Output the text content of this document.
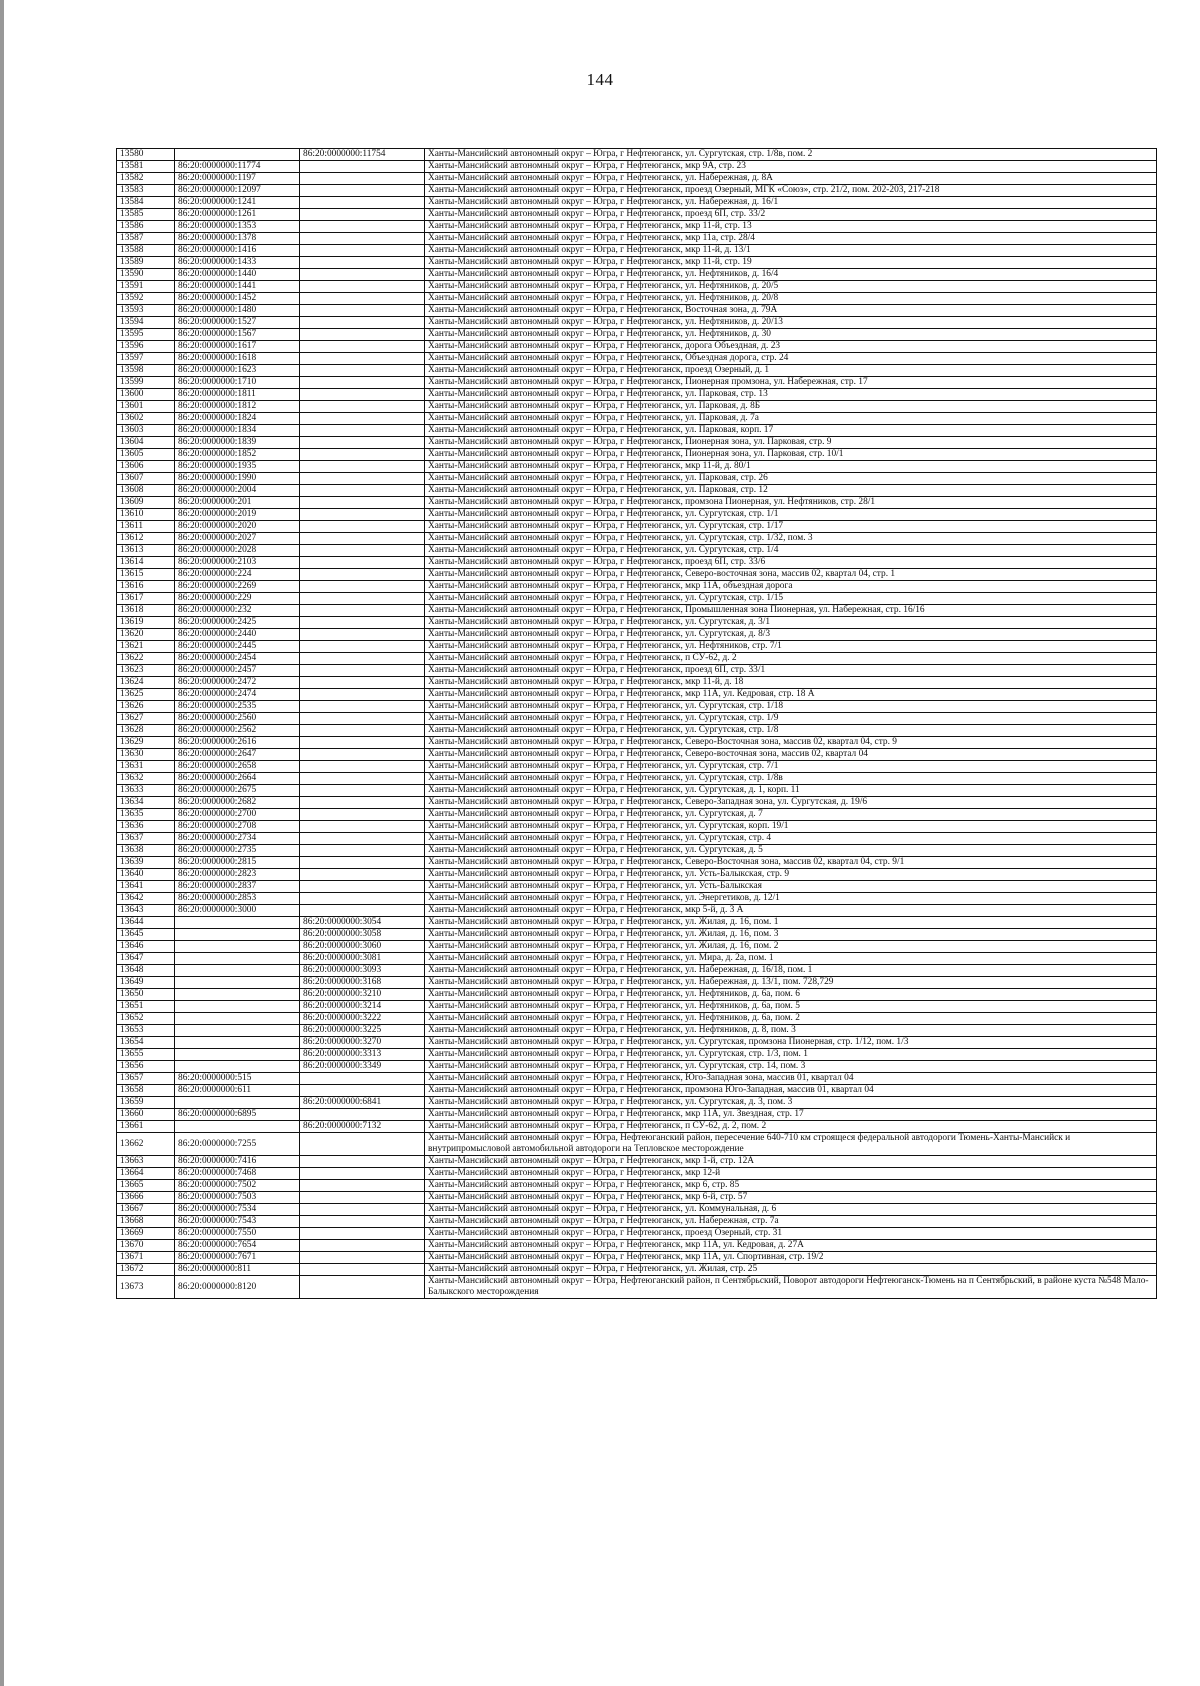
144
13580		86:20:0000000:11754	Ханты-Мансийский автономный округ – Югра, г Нефтеюганск, ул. Сургутская, стр. 1/8в, пом. 2
13581	86:20:0000000:11774		Ханты-Мансийский автономный округ – Югра, г Нефтеюганск, мкр 9А, стр. 23
13582	86:20:0000000:1197		Ханты-Мансийский автономный округ – Югра, г Нефтеюганск, ул. Набережная, д. 8А
13583	86:20:0000000:12097		Ханты-Мансийский автономный округ – Югра, г Нефтеюганск, проезд Озерный, МГК «Союз», стр. 21/2, пом. 202-203, 217-218
13584	86:20:0000000:1241		Ханты-Мансийский автономный округ – Югра, г Нефтеюганск, ул. Набережная, д. 16/1
13585	86:20:0000000:1261		Ханты-Мансийский автономный округ – Югра, г Нефтеюганск, проезд 6П, стр. 33/2
13586	86:20:0000000:1353		Ханты-Мансийский автономный округ – Югра, г Нефтеюганск, мкр 11-й, стр. 13
13587	86:20:0000000:1378		Ханты-Мансийский автономный округ – Югра, г Нефтеюганск, мкр 11а, стр. 28/4
13588	86:20:0000000:1416		Ханты-Мансийский автономный округ – Югра, г Нефтеюганск, мкр 11-й, д. 13/1
13589	86:20:0000000:1433		Ханты-Мансийский автономный округ – Югра, г Нефтеюганск, мкр 11-й, стр. 19
13590	86:20:0000000:1440		Ханты-Мансийский автономный округ – Югра, г Нефтеюганск, ул. Нефтяников, д. 16/4
13591	86:20:0000000:1441		Ханты-Мансийский автономный округ – Югра, г Нефтеюганск, ул. Нефтяников, д. 20/5
13592	86:20:0000000:1452		Ханты-Мансийский автономный округ – Югра, г Нефтеюганск, ул. Нефтяников, д. 20/8
13593	86:20:0000000:1480		Ханты-Мансийский автономный округ – Югра, г Нефтеюганск, Восточная зона, д. 79А
13594	86:20:0000000:1527		Ханты-Мансийский автономный округ – Югра, г Нефтеюганск, ул. Нефтяников, д. 20/13
13595	86:20:0000000:1567		Ханты-Мансийский автономный округ – Югра, г Нефтеюганск, ул. Нефтяников, д. 30
13596	86:20:0000000:1617		Ханты-Мансийский автономный округ – Югра, г Нефтеюганск, дорога Объездная, д. 23
13597	86:20:0000000:1618		Ханты-Мансийский автономный округ – Югра, г Нефтеюганск, Объездная дорога, стр. 24
13598	86:20:0000000:1623		Ханты-Мансийский автономный округ – Югра, г Нефтеюганск, проезд Озерный, д. 1
13599	86:20:0000000:1710		Ханты-Мансийский автономный округ – Югра, г Нефтеюганск, Пионерная промзона, ул. Набережная, стр. 17
13600	86:20:0000000:1811		Ханты-Мансийский автономный округ – Югра, г Нефтеюганск, ул. Парковая, стр. 13
13601	86:20:0000000:1812		Ханты-Мансийский автономный округ – Югра, г Нефтеюганск, ул. Парковая, д. 8Б
13602	86:20:0000000:1824		Ханты-Мансийский автономный округ – Югра, г Нефтеюганск, ул. Парковая, д. 7а
13603	86:20:0000000:1834		Ханты-Мансийский автономный округ – Югра, г Нефтеюганск, ул. Парковая, корп. 17
13604	86:20:0000000:1839		Ханты-Мансийский автономный округ – Югра, г Нефтеюганск, Пионерная зона, ул. Парковая, стр. 9
13605	86:20:0000000:1852		Ханты-Мансийский автономный округ – Югра, г Нефтеюганск, Пионерная зона, ул. Парковая, стр. 10/1
13606	86:20:0000000:1935		Ханты-Мансийский автономный округ – Югра, г Нефтеюганск, мкр 11-й, д. 80/1
13607	86:20:0000000:1990		Ханты-Мансийский автономный округ – Югра, г Нефтеюганск, ул. Парковая, стр. 26
13608	86:20:0000000:2004		Ханты-Мансийский автономный округ – Югра, г Нефтеюганск, ул. Парковая, стр. 12
13609	86:20:0000000:201		Ханты-Мансийский автономный округ – Югра, г Нефтеюганск, промзона Пионерная, ул. Нефтяников, стр. 28/1
13610	86:20:0000000:2019		Ханты-Мансийский автономный округ – Югра, г Нефтеюганск, ул. Сургутская, стр. 1/1
13611	86:20:0000000:2020		Ханты-Мансийский автономный округ – Югра, г Нефтеюганск, ул. Сургутская, стр. 1/17
13612	86:20:0000000:2027		Ханты-Мансийский автономный округ – Югра, г Нефтеюганск, ул. Сургутская, стр. 1/32, пом. 3
13613	86:20:0000000:2028		Ханты-Мансийский автономный округ – Югра, г Нефтеюганск, ул. Сургутская, стр. 1/4
13614	86:20:0000000:2103		Ханты-Мансийский автономный округ – Югра, г Нефтеюганск, проезд 6П, стр. 33/6
13615	86:20:0000000:224		Ханты-Мансийский автономный округ – Югра, г Нефтеюганск, Северо-восточная зона, массив 02, квартал 04, стр. 1
13616	86:20:0000000:2269		Ханты-Мансийский автономный округ – Югра, г Нефтеюганск, мкр 11А, объездная дорога
13617	86:20:0000000:229		Ханты-Мансийский автономный округ – Югра, г Нефтеюганск, ул. Сургутская, стр. 1/15
13618	86:20:0000000:232		Ханты-Мансийский автономный округ – Югра, г Нефтеюганск, Промышленная зона Пионерная, ул. Набережная, стр. 16/16
13619	86:20:0000000:2425		Ханты-Мансийский автономный округ – Югра, г Нефтеюганск, ул. Сургутская, д. 3/1
13620	86:20:0000000:2440		Ханты-Мансийский автономный округ – Югра, г Нефтеюганск, ул. Сургутская, д. 8/3
13621	86:20:0000000:2445		Ханты-Мансийский автономный округ – Югра, г Нефтеюганск, ул. Нефтяников, стр. 7/1
13622	86:20:0000000:2454		Ханты-Мансийский автономный округ – Югра, г Нефтеюганск, п СУ-62, д. 2
13623	86:20:0000000:2457		Ханты-Мансийский автономный округ – Югра, г Нефтеюганск, проезд 6П, стр. 33/1
13624	86:20:0000000:2472		Ханты-Мансийский автономный округ – Югра, г Нефтеюганск, мкр 11-й, д. 18
13625	86:20:0000000:2474		Ханты-Мансийский автономный округ – Югра, г Нефтеюганск, мкр 11А, ул. Кедровая, стр. 18 А
13626	86:20:0000000:2535		Ханты-Мансийский автономный округ – Югра, г Нефтеюганск, ул. Сургутская, стр. 1/18
13627	86:20:0000000:2560		Ханты-Мансийский автономный округ – Югра, г Нефтеюганск, ул. Сургутская, стр. 1/9
13628	86:20:0000000:2562		Ханты-Мансийский автономный округ – Югра, г Нефтеюганск, ул. Сургутская, стр. 1/8
13629	86:20:0000000:2616		Ханты-Мансийский автономный округ – Югра, г Нефтеюганск, Северо-Восточная зона, массив 02, квартал 04, стр. 9
13630	86:20:0000000:2647		Ханты-Мансийский автономный округ – Югра, г Нефтеюганск, Северо-восточная зона, массив 02, квартал 04
13631	86:20:0000000:2658		Ханты-Мансийский автономный округ – Югра, г Нефтеюганск, ул. Сургутская, стр. 7/1
13632	86:20:0000000:2664		Ханты-Мансийский автономный округ – Югра, г Нефтеюганск, ул. Сургутская, стр. 1/8в
13633	86:20:0000000:2675		Ханты-Мансийский автономный округ – Югра, г Нефтеюганск, ул. Сургутская, д. 1, корп. 11
13634	86:20:0000000:2682		Ханты-Мансийский автономный округ – Югра, г Нефтеюганск, Северо-Западная зона, ул. Сургутская, д. 19/6
13635	86:20:0000000:2700		Ханты-Мансийский автономный округ – Югра, г Нефтеюганск, ул. Сургутская, д. 7
13636	86:20:0000000:2708		Ханты-Мансийский автономный округ – Югра, г Нефтеюганск, ул. Сургутская, корп. 19/1
13637	86:20:0000000:2734		Ханты-Мансийский автономный округ – Югра, г Нефтеюганск, ул. Сургутская, стр. 4
13638	86:20:0000000:2735		Ханты-Мансийский автономный округ – Югра, г Нефтеюганск, ул. Сургутская, д. 5
13639	86:20:0000000:2815		Ханты-Мансийский автономный округ – Югра, г Нефтеюганск, Северо-Восточная зона, массив 02, квартал 04, стр. 9/1
13640	86:20:0000000:2823		Ханты-Мансийский автономный округ – Югра, г Нефтеюганск, ул. Усть-Балыкская, стр. 9
13641	86:20:0000000:2837		Ханты-Мансийский автономный округ – Югра, г Нефтеюганск, ул. Усть-Балыкская
13642	86:20:0000000:2853		Ханты-Мансийский автономный округ – Югра, г Нефтеюганск, ул. Энергетиков, д. 12/1
13643	86:20:0000000:3000		Ханты-Мансийский автономный округ – Югра, г Нефтеюганск, мкр 5-й, д. 3 А
13644		86:20:0000000:3054	Ханты-Мансийский автономный округ – Югра, г Нефтеюганск, ул. Жилая, д. 16, пом. 1
13645		86:20:0000000:3058	Ханты-Мансийский автономный округ – Югра, г Нефтеюганск, ул. Жилая, д. 16, пом. 3
13646		86:20:0000000:3060	Ханты-Мансийский автономный округ – Югра, г Нефтеюганск, ул. Жилая, д. 16, пом. 2
13647		86:20:0000000:3081	Ханты-Мансийский автономный округ – Югра, г Нефтеюганск, ул. Мира, д. 2а, пом. 1
13648		86:20:0000000:3093	Ханты-Мансийский автономный округ – Югра, г Нефтеюганск, ул. Набережная, д. 16/18, пом. 1
13649		86:20:0000000:3168	Ханты-Мансийский автономный округ – Югра, г Нефтеюганск, ул. Набережная, д. 13/1, пом. 728,729
13650		86:20:0000000:3210	Ханты-Мансийский автономный округ – Югра, г Нефтеюганск, ул. Нефтяников, д. 6а, пом. 6
13651		86:20:0000000:3214	Ханты-Мансийский автономный округ – Югра, г Нефтеюганск, ул. Нефтяников, д. 6а, пом. 5
13652		86:20:0000000:3222	Ханты-Мансийский автономный округ – Югра, г Нефтеюганск, ул. Нефтяников, д. 6а, пом. 2
13653		86:20:0000000:3225	Ханты-Мансийский автономный округ – Югра, г Нефтеюганск, ул. Нефтяников, д. 8, пом. 3
13654		86:20:0000000:3270	Ханты-Мансийский автономный округ – Югра, г Нефтеюганск, ул. Сургутская, промзона Пионерная, стр. 1/12, пом. 1/3
13655		86:20:0000000:3313	Ханты-Мансийский автономный округ – Югра, г Нефтеюганск, ул. Сургутская, стр. 1/3, пом. 1
13656		86:20:0000000:3349	Ханты-Мансийский автономный округ – Югра, г Нефтеюганск, ул. Сургутская, стр. 14, пом. 3
13657	86:20:0000000:515		Ханты-Мансийский автономный округ – Югра, г Нефтеюганск, Юго-Западная зона, массив 01, квартал 04
13658	86:20:0000000:611		Ханты-Мансийский автономный округ – Югра, г Нефтеюганск, промзона Юго-Западная, массив 01, квартал 04
13659		86:20:0000000:6841	Ханты-Мансийский автономный округ – Югра, г Нефтеюганск, ул. Сургутская, д. 3, пом. 3
13660	86:20:0000000:6895		Ханты-Мансийский автономный округ – Югра, г Нефтеюганск, мкр 11А, ул. Звездная, стр. 17
13661		86:20:0000000:7132	Ханты-Мансийский автономный округ – Югра, г Нефтеюганск, п СУ-62, д. 2, пом. 2
13662	86:20:0000000:7255		Ханты-Мансийский автономный округ – Югра, Нефтеюганский район, пересечение 640-710 км строящеся федеральной автодороги Тюмень-Ханты-Мансийск и внутрипромысловой автомобильной автодороги на Тепловское месторождение
13663	86:20:0000000:7416		Ханты-Мансийский автономный округ – Югра, г Нефтеюганск, мкр 1-й, стр. 12А
13664	86:20:0000000:7468		Ханты-Мансийский автономный округ – Югра, г Нефтеюганск, мкр 12-й
13665	86:20:0000000:7502		Ханты-Мансийский автономный округ – Югра, г Нефтеюганск, мкр 6, стр. 85
13666	86:20:0000000:7503		Ханты-Мансийский автономный округ – Югра, г Нефтеюганск, мкр 6-й, стр. 57
13667	86:20:0000000:7534		Ханты-Мансийский автономный округ – Югра, г Нефтеюганск, ул. Коммунальная, д. 6
13668	86:20:0000000:7543		Ханты-Мансийский автономный округ – Югра, г Нефтеюганск, ул. Набережная, стр. 7а
13669	86:20:0000000:7550		Ханты-Мансийский автономный округ – Югра, г Нефтеюганск, проезд Озерный, стр. 31
13670	86:20:0000000:7654		Ханты-Мансийский автономный округ – Югра, г Нефтеюганск, мкр 11А, ул. Кедровая, д. 27А
13671	86:20:0000000:7671		Ханты-Мансийский автономный округ – Югра, г Нефтеюганск, мкр 11А, ул. Спортивная, стр. 19/2
13672	86:20:0000000:811		Ханты-Мансийский автономный округ – Югра, г Нефтеюганск, ул. Жилая, стр. 25
13673	86:20:0000000:8120		Ханты-Мансийский автономный округ – Югра, Нефтеюганский район, п Сентябрьский, Поворот автодороги Нефтеюганск-Тюмень на п Сентябрьский, в районе куста №548 Мало-Балыкского месторождения
